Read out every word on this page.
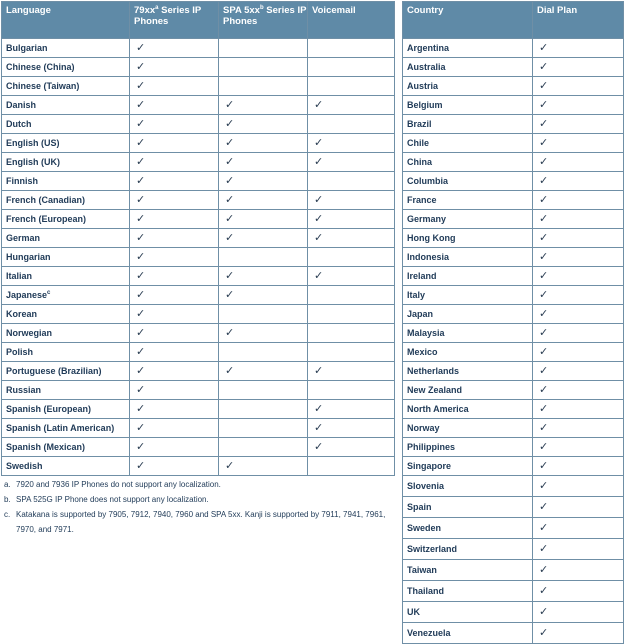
Language	$79xx^a$ Series IP Phones	SPA $5xx^b$ Series IP Phones	Voicemail
Bulgarian	✓		
Chinese (China)	✓		
Chinese (Taiwan)	✓		
Danish	✓	✓	✓
Dutch	✓	✓	
English (US)	✓	✓	✓
English (UK)	✓	✓	✓
Finnish	✓	✓	
French (Canadian)	✓	✓	✓
French (European)	✓	✓	✓
German	✓	✓	✓
Hungarian	✓		
Italian	✓	✓	✓
Japanese$^c$	✓	✓	
Korean	✓		
Norwegian	✓	✓	
Polish	✓		
Portuguese (Brazilian)	✓	✓	✓
Russian	✓		
Spanish (European)	✓		✓
Spanish (Latin American)	✓		✓
Spanish (Mexican)	✓		✓
Swedish	✓	✓	
Country	Dial Plan
Argentina	✓
Australia	✓
Austria	✓
Belgium	✓
Brazil	✓
Chile	✓
China	✓
Columbia	✓
France	✓
Germany	✓
Hong Kong	✓
Indonesia	✓
Ireland	✓
Italy	✓
Japan	✓
Malaysia	✓
Mexico	✓
Netherlands	✓
New Zealand	✓
North America	✓
Norway	✓
Philippines	✓
Singapore	✓
Slovenia	✓
Spain	✓
Sweden	✓
Switzerland	✓
Taiwan	✓
Thailand	✓
UK	✓
Venezuela	✓
a. 7920 and 7936 IP Phones do not support any localization.
b. SPA 525G IP Phone does not support any localization.
c. Katakana is supported by 7905, 7912, 7940, 7960 and SPA 5xx. Kanji is supported by 7911, 7941, 7961, 7970, and 7971.
